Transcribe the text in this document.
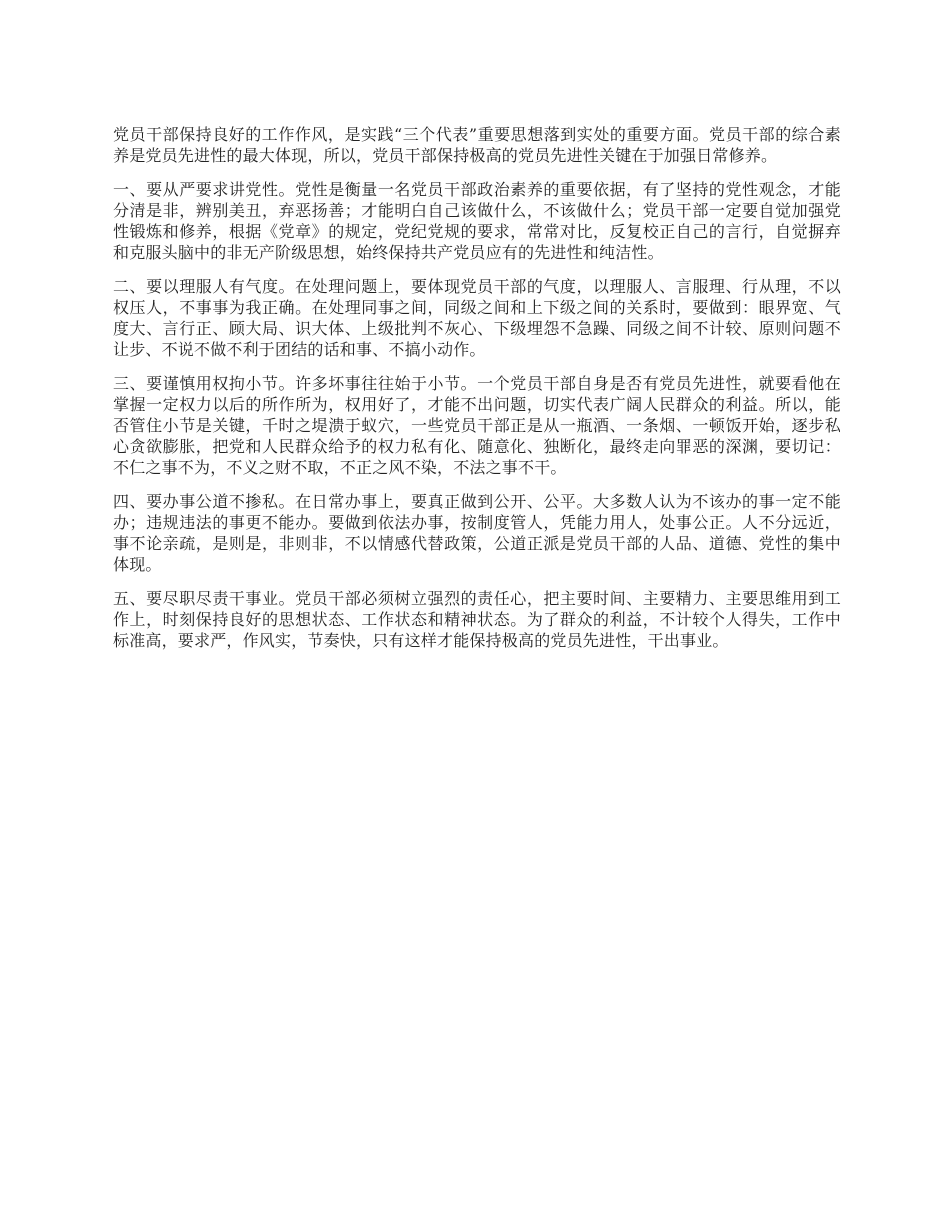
党员干部保持良好的工作作风，是实践“三个代表”重要思想落到实处的重要方面。党员干部的综合素养是党员先进性的最大体现，所以，党员干部保持极高的党员先进性关键在于加强日常修养。

一、要从严要求讲党性。党性是衡量一名党员干部政治素养的重要依据，有了坚持的党性观念，才能分清是非，辨别美丑，弃恶扬善；才能明白自己该做什么，不该做什么；党员干部一定要自觉加强党性锻炼和修养，根据《党章》的规定，党纪党规的要求，常常对比，反复校正自己的言行，自觉摒弃和克服头脑中的非无产阶级思想，始终保持共产党员应有的先进性和纯洁性。

二、要以理服人有气度。在处理问题上，要体现党员干部的气度，以理服人、言服理、行从理，不以权压人，不事事为我正确。在处理同事之间，同级之间和上下级之间的关系时，要做到：眼界宽、气度大、言行正、顾大局、识大体、上级批判不灰心、下级埋怨不急躁、同级之间不计较、原则问题不让步、不说不做不利于团结的话和事、不搞小动作。

三、要谨慎用权拘小节。许多坏事往往始于小节。一个党员干部自身是否有党员先进性，就要看他在掌握一定权力以后的所作所为，权用好了，才能不出问题，切实代表广阔人民群众的利益。所以，能否管住小节是关键，千时之堤溃于蚁穴，一些党员干部正是从一瓶酒、一条烟、一顿饭开始，逐步私心贪欲膨胀，把党和人民群众给予的权力私有化、随意化、独断化，最终走向罪恶的深渊，要切记：不仁之事不为，不义之财不取，不正之风不染，不法之事不干。

四、要办事公道不掺私。在日常办事上，要真正做到公开、公平。大多数人认为不该办的事一定不能办；违规违法的事更不能办。要做到依法办事，按制度管人，凭能力用人，处事公正。人不分远近，事不论亲疏，是则是，非则非，不以情感代替政策，公道正派是党员干部的人品、道德、党性的集中体现。

五、要尽职尽责干事业。党员干部必须树立强烈的责任心，把主要时间、主要精力、主要思维用到工作上，时刻保持良好的思想状态、工作状态和精神状态。为了群众的利益，不计较个人得失，工作中标准高，要求严，作风实，节奏快，只有这样才能保持极高的党员先进性，干出事业。
